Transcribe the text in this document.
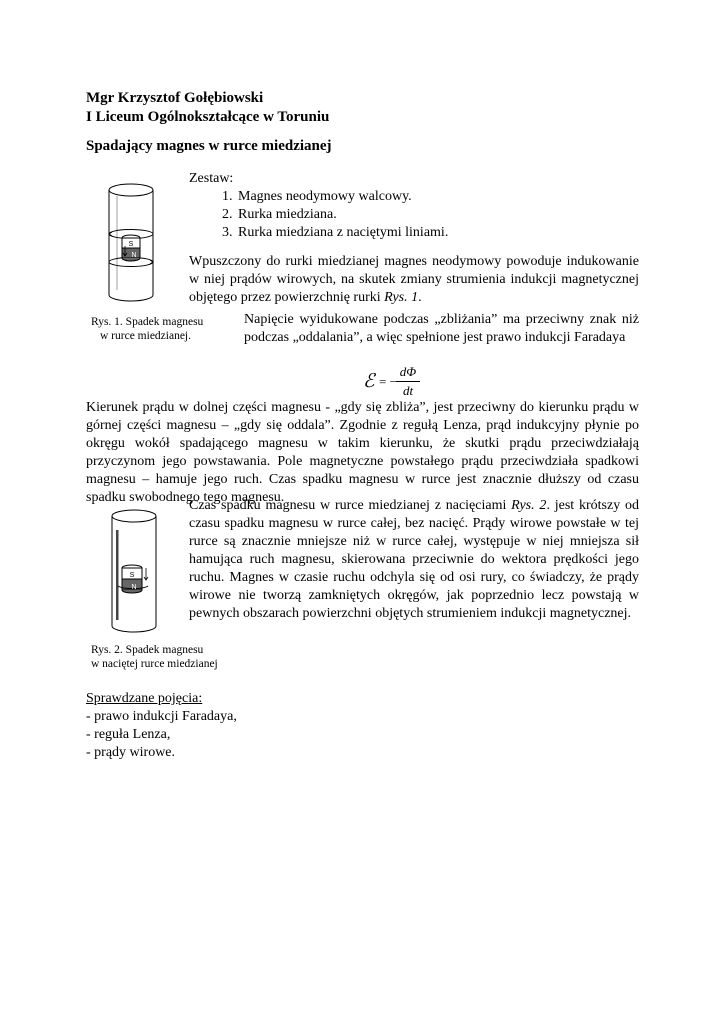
Mgr Krzysztof Gołębiowski
I Liceum Ogólnokształcące w Toruniu
Spadający magnes w rurce miedzianej
S
N
Rys. 1. Spadek magnesu
w rurce miedzianej.
Zestaw:
1. Magnes neodymowy walcowy.
2. Rurka miedziana.
3. Rurka miedziana z naciętymi liniami.
Wpuszczony do rurki miedzianej magnes neodymowy powoduje indukowanie w niej prądów wirowych, na skutek zmiany strumienia indukcji magnetycznej objętego przez powierzchnię rurki Rys. 1.
Napięcie wyidukowane podczas „zbliżania” ma przeciwny znak niż podczas „oddalania”, a więc spełnione jest prawo indukcji Faradaya
ℰ = −
dΦ
dt
Kierunek prądu w dolnej części magnesu - „gdy się zbliża”, jest przeciwny do kierunku prądu w górnej części magnesu – „gdy się oddala”. Zgodnie z regułą Lenza, prąd indukcyjny płynie po okręgu wokół spadającego magnesu w takim kierunku, że skutki prądu przeciwdziałają przyczynom jego powstawania. Pole magnetyczne powstałego prądu przeciwdziała spadkowi magnesu – hamuje jego ruch. Czas spadku magnesu w rurce jest znacznie dłuższy od czasu spadku swobodnego tego magnesu.
S
N
Rys. 2. Spadek magnesu
w naciętej rurce miedzianej
Czas spadku magnesu w rurce miedzianej z nacięciami Rys. 2. jest krótszy od czasu spadku magnesu w rurce całej, bez nacięć. Prądy wirowe powstałe w tej rurce są znacznie mniejsze niż w rurce całej, występuje w niej mniejsza sił hamująca ruch magnesu, skierowana przeciwnie do wektora prędkości jego ruchu. Magnes w czasie ruchu odchyla się od osi rury, co świadczy, że prądy wirowe nie tworzą zamkniętych okręgów, jak poprzednio lecz powstają w pewnych obszarach powierzchni objętych strumieniem indukcji magnetycznej.
Sprawdzane pojęcia:
- prawo indukcji Faradaya,
- reguła Lenza,
- prądy wirowe.
